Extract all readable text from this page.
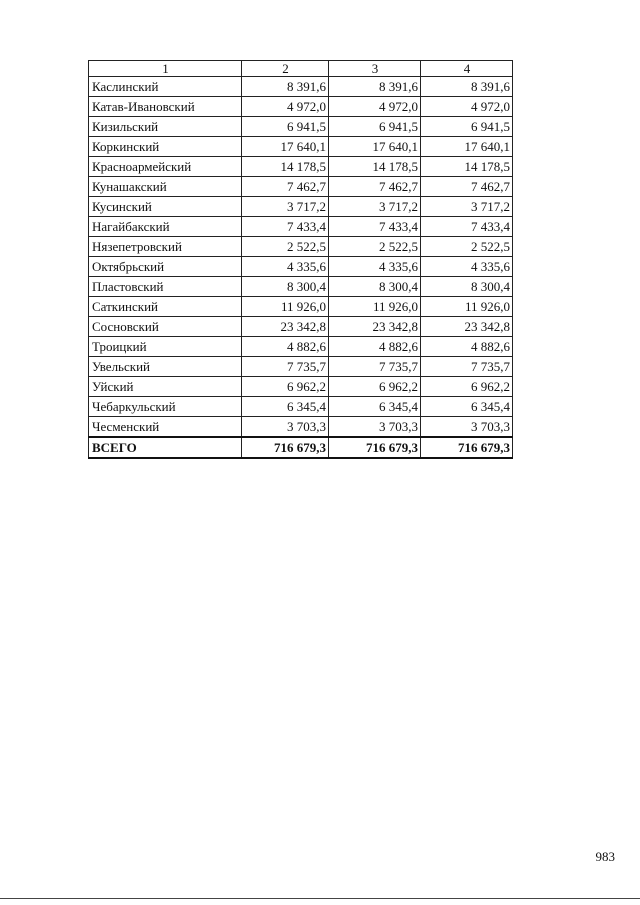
1	2	3	4
Каслинский	8 391,6	8 391,6	8 391,6
Катав-Ивановский	4 972,0	4 972,0	4 972,0
Кизильский	6 941,5	6 941,5	6 941,5
Коркинский	17 640,1	17 640,1	17 640,1
Красноармейский	14 178,5	14 178,5	14 178,5
Кунашакский	7 462,7	7 462,7	7 462,7
Кусинский	3 717,2	3 717,2	3 717,2
Нагайбакский	7 433,4	7 433,4	7 433,4
Нязепетровский	2 522,5	2 522,5	2 522,5
Октябрьский	4 335,6	4 335,6	4 335,6
Пластовский	8 300,4	8 300,4	8 300,4
Саткинский	11 926,0	11 926,0	11 926,0
Сосновский	23 342,8	23 342,8	23 342,8
Троицкий	4 882,6	4 882,6	4 882,6
Увельский	7 735,7	7 735,7	7 735,7
Уйский	6 962,2	6 962,2	6 962,2
Чебаркульский	6 345,4	6 345,4	6 345,4
Чесменский	3 703,3	3 703,3	3 703,3
ВСЕГО	716 679,3	716 679,3	716 679,3
983
